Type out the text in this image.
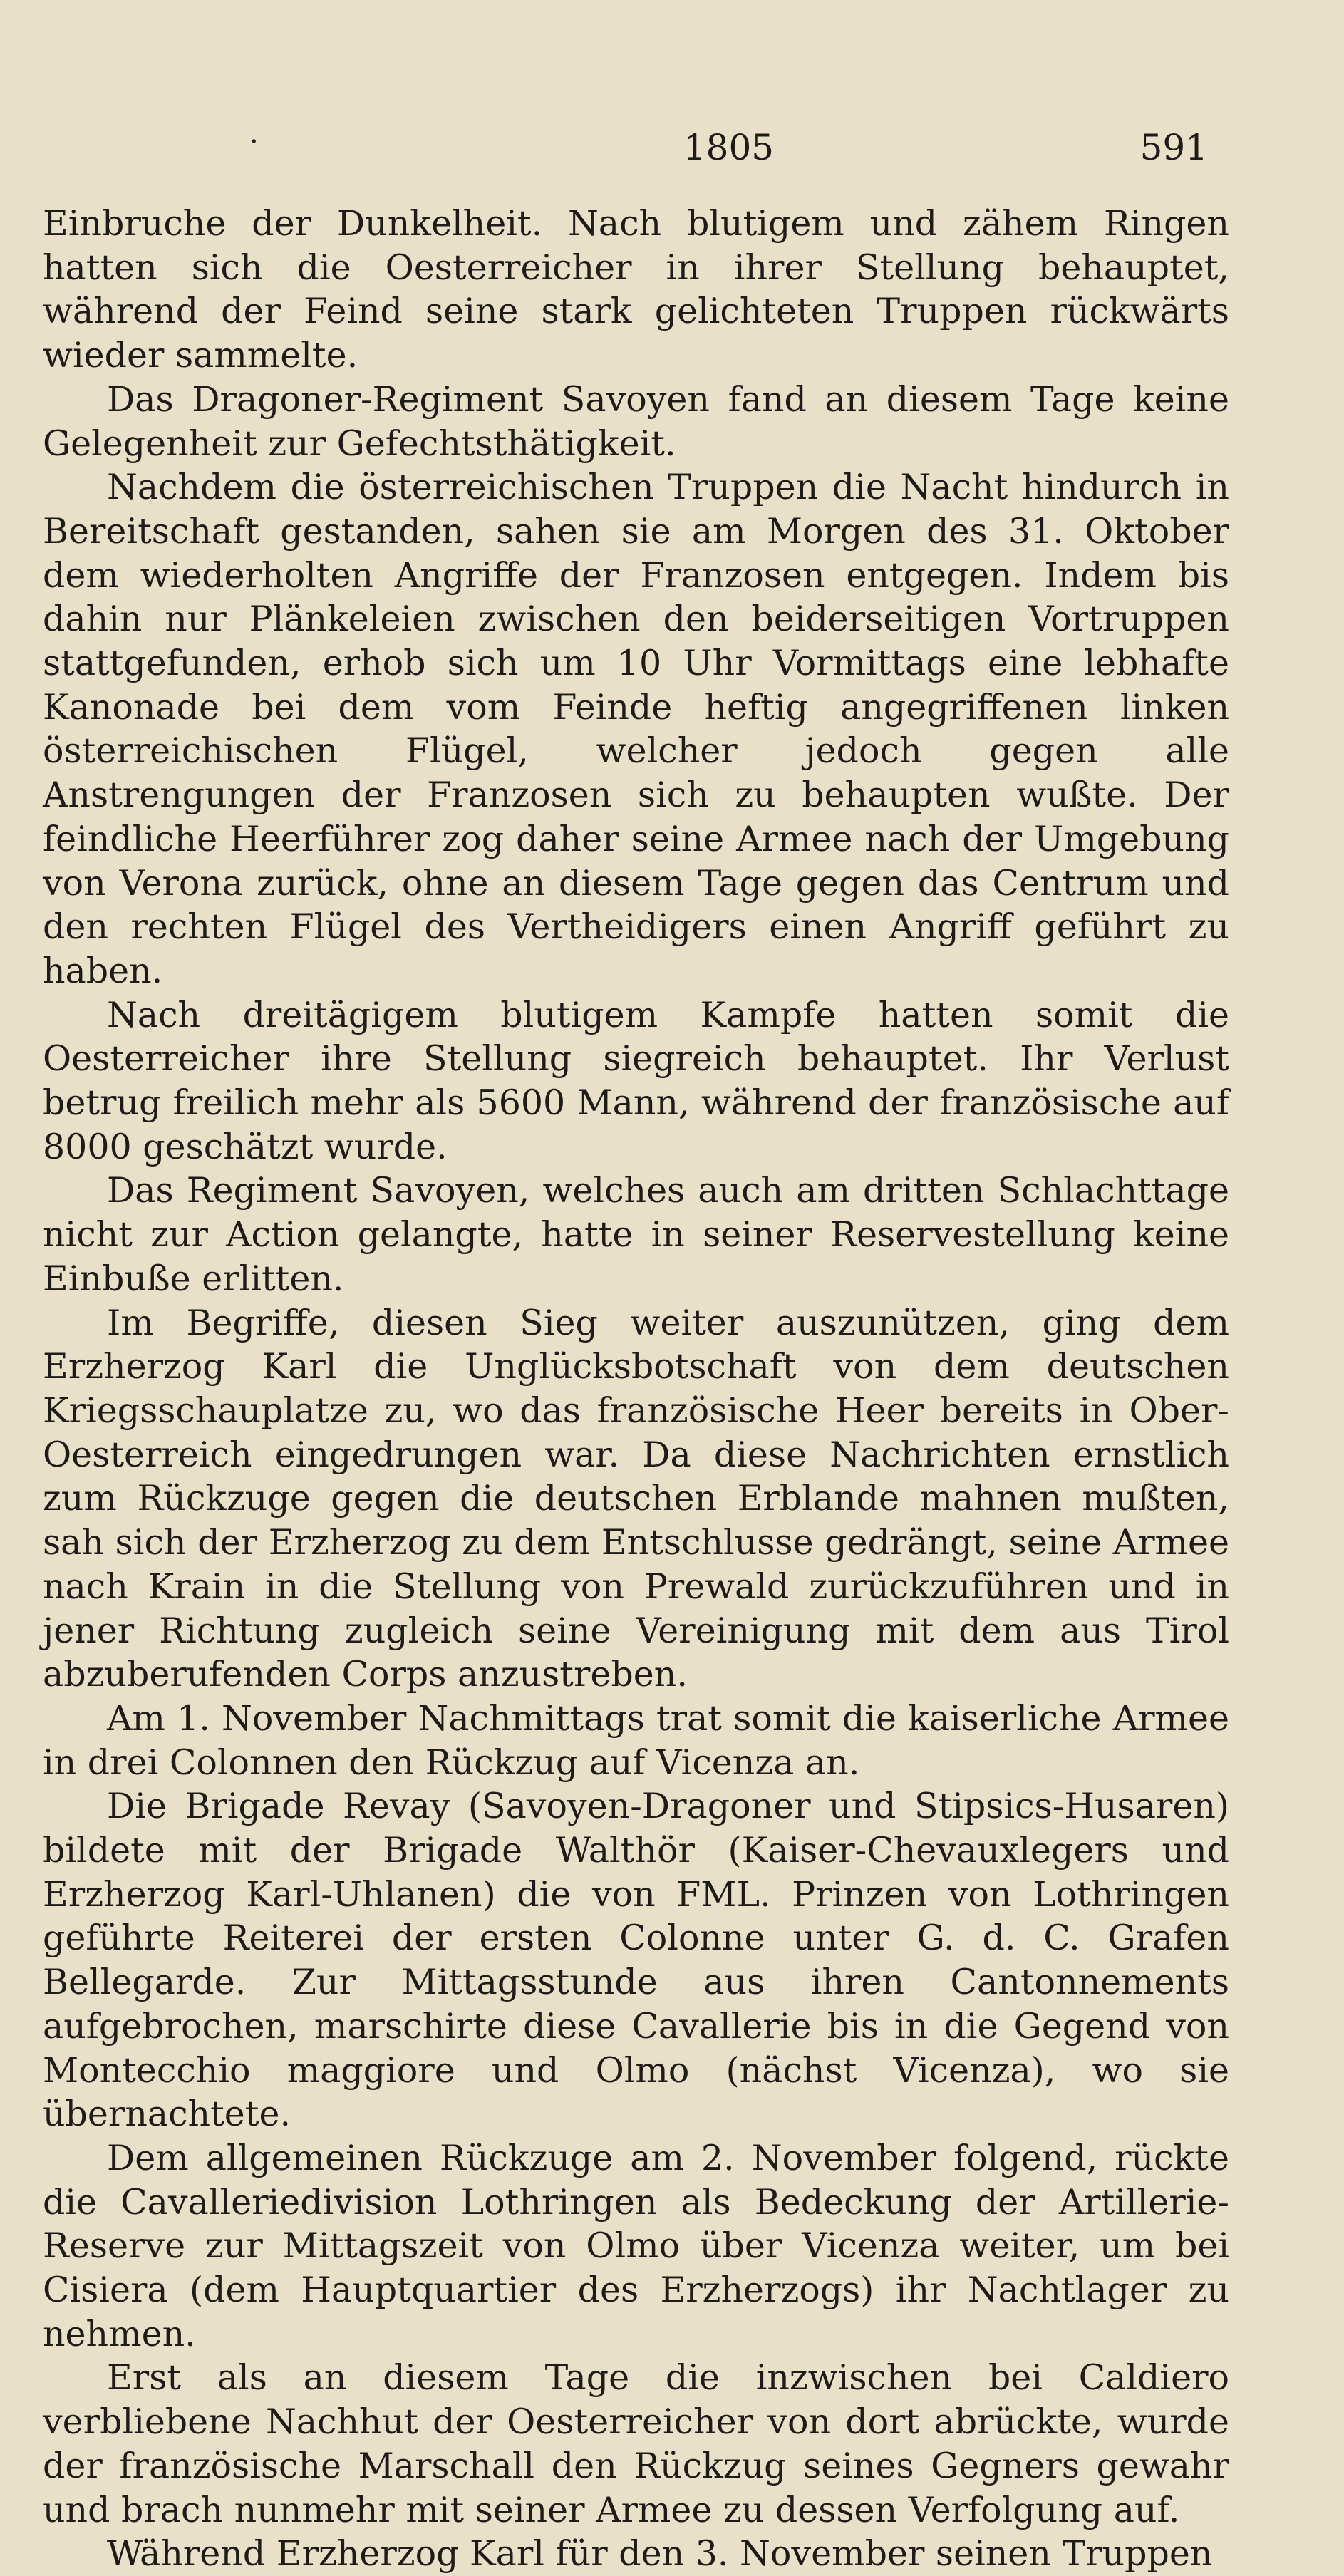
·	1805	591

Einbruche der Dunkelheit. Nach blutigem und zähem Ringen hatten sich die Oesterreicher in ihrer Stellung behauptet, während der Feind seine stark gelichteten Truppen rückwärts wieder sammelte.

Das Dragoner-Regiment Savoyen fand an diesem Tage keine Gelegenheit zur Gefechtsthätigkeit.

Nachdem die österreichischen Truppen die Nacht hindurch in Bereitschaft gestanden, sahen sie am Morgen des 31. Oktober dem wiederholten Angriffe der Franzosen entgegen. Indem bis dahin nur Plänkeleien zwischen den beiderseitigen Vortruppen stattgefunden, erhob sich um 10 Uhr Vormittags eine lebhafte Kanonade bei dem vom Feinde heftig angegriffenen linken österreichischen Flügel, welcher jedoch gegen alle Anstrengungen der Franzosen sich zu behaupten wußte. Der feindliche Heerführer zog daher seine Armee nach der Umgebung von Verona zurück, ohne an diesem Tage gegen das Centrum und den rechten Flügel des Vertheidigers einen Angriff geführt zu haben.

Nach dreitägigem blutigem Kampfe hatten somit die Oesterreicher ihre Stellung siegreich behauptet. Ihr Verlust betrug freilich mehr als 5600 Mann, während der französische auf 8000 geschätzt wurde.

Das Regiment Savoyen, welches auch am dritten Schlachttage nicht zur Action gelangte, hatte in seiner Reservestellung keine Einbuße erlitten.

Im Begriffe, diesen Sieg weiter auszunützen, ging dem Erzherzog Karl die Unglücksbotschaft von dem deutschen Kriegsschauplatze zu, wo das französische Heer bereits in Ober-Oesterreich eingedrungen war. Da diese Nachrichten ernstlich zum Rückzuge gegen die deutschen Erblande mahnen mußten, sah sich der Erzherzog zu dem Entschlusse gedrängt, seine Armee nach Krain in die Stellung von Prewald zurückzuführen und in jener Richtung zugleich seine Vereinigung mit dem aus Tirol abzuberufenden Corps anzustreben.

Am 1. November Nachmittags trat somit die kaiserliche Armee in drei Colonnen den Rückzug auf Vicenza an.

Die Brigade Revay (Savoyen-Dragoner und Stipsics-Husaren) bildete mit der Brigade Walthör (Kaiser-Chevauxlegers und Erzherzog Karl-Uhlanen) die von FML. Prinzen von Lothringen geführte Reiterei der ersten Colonne unter G. d. C. Grafen Bellegarde. Zur Mittagsstunde aus ihren Cantonnements aufgebrochen, marschirte diese Cavallerie bis in die Gegend von Montecchio maggiore und Olmo (nächst Vicenza), wo sie übernachtete.

Dem allgemeinen Rückzuge am 2. November folgend, rückte die Cavalleriedivision Lothringen als Bedeckung der Artillerie-Reserve zur Mittagszeit von Olmo über Vicenza weiter, um bei Cisiera (dem Hauptquartier des Erzherzogs) ihr Nachtlager zu nehmen.

Erst als an diesem Tage die inzwischen bei Caldiero verbliebene Nachhut der Oesterreicher von dort abrückte, wurde der französische Marschall den Rückzug seines Gegners gewahr und brach nunmehr mit seiner Armee zu dessen Verfolgung auf.

Während Erzherzog Karl für den 3. November seinen Truppen
